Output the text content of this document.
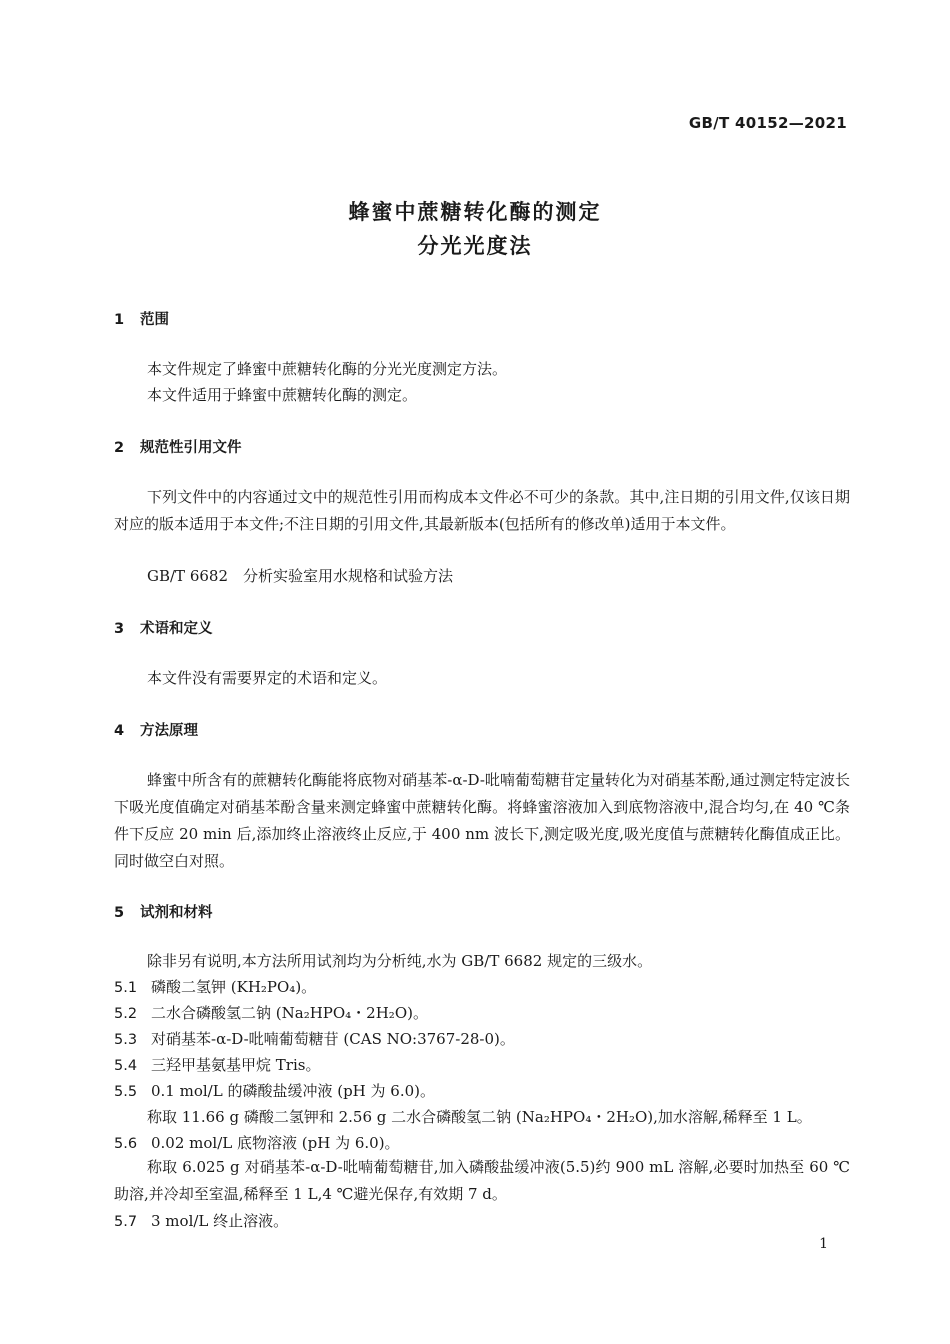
GB/T 40152—2021
蜂蜜中蔗糖转化酶的测定
分光光度法
1 范围
本文件规定了蜂蜜中蔗糖转化酶的分光光度测定方法。
本文件适用于蜂蜜中蔗糖转化酶的测定。
2 规范性引用文件

下列文件中的内容通过文中的规范性引用而构成本文件必不可少的条款。其中,注日期的引用文件,仅该日期对应的版本适用于本文件;不注日期的引用文件,其最新版本(包括所有的修改单)适用于本文件。

GB/T 6682　分析实验室用水规格和试验方法
3 术语和定义
本文件没有需要界定的术语和定义。
4 方法原理

蜂蜜中所含有的蔗糖转化酶能将底物对硝基苯-α-D-吡喃葡萄糖苷定量转化为对硝基苯酚,通过测定特定波长下吸光度值确定对硝基苯酚含量来测定蜂蜜中蔗糖转化酶。将蜂蜜溶液加入到底物溶液中,混合均匀,在 40 ℃条件下反应 20 min 后,添加终止溶液终止反应,于 400 nm 波长下,测定吸光度,吸光度值与蔗糖转化酶值成正比。同时做空白对照。

5 试剂和材料
除非另有说明,本方法所用试剂均为分析纯,水为 GB/T 6682 规定的三级水。
5.1 磷酸二氢钾 (KH₂PO₄)。
5.2 二水合磷酸氢二钠 (Na₂HPO₄・2H₂O)。
5.3 对硝基苯-α-D-吡喃葡萄糖苷 (CAS NO:3767-28-0)。
5.4 三羟甲基氨基甲烷 Tris。
5.5 0.1 mol/L 的磷酸盐缓冲液 (pH 为 6.0)。
称取 11.66 g 磷酸二氢钾和 2.56 g 二水合磷酸氢二钠 (Na₂HPO₄・2H₂O),加水溶解,稀释至 1 L。
5.6 0.02 mol/L 底物溶液 (pH 为 6.0)。

称取 6.025 g 对硝基苯-α-D-吡喃葡萄糖苷,加入磷酸盐缓冲液(5.5)约 900 mL 溶解,必要时加热至 60 ℃助溶,并冷却至室温,稀释至 1 L,4 ℃避光保存,有效期 7 d。

5.7 3 mol/L 终止溶液。
1
